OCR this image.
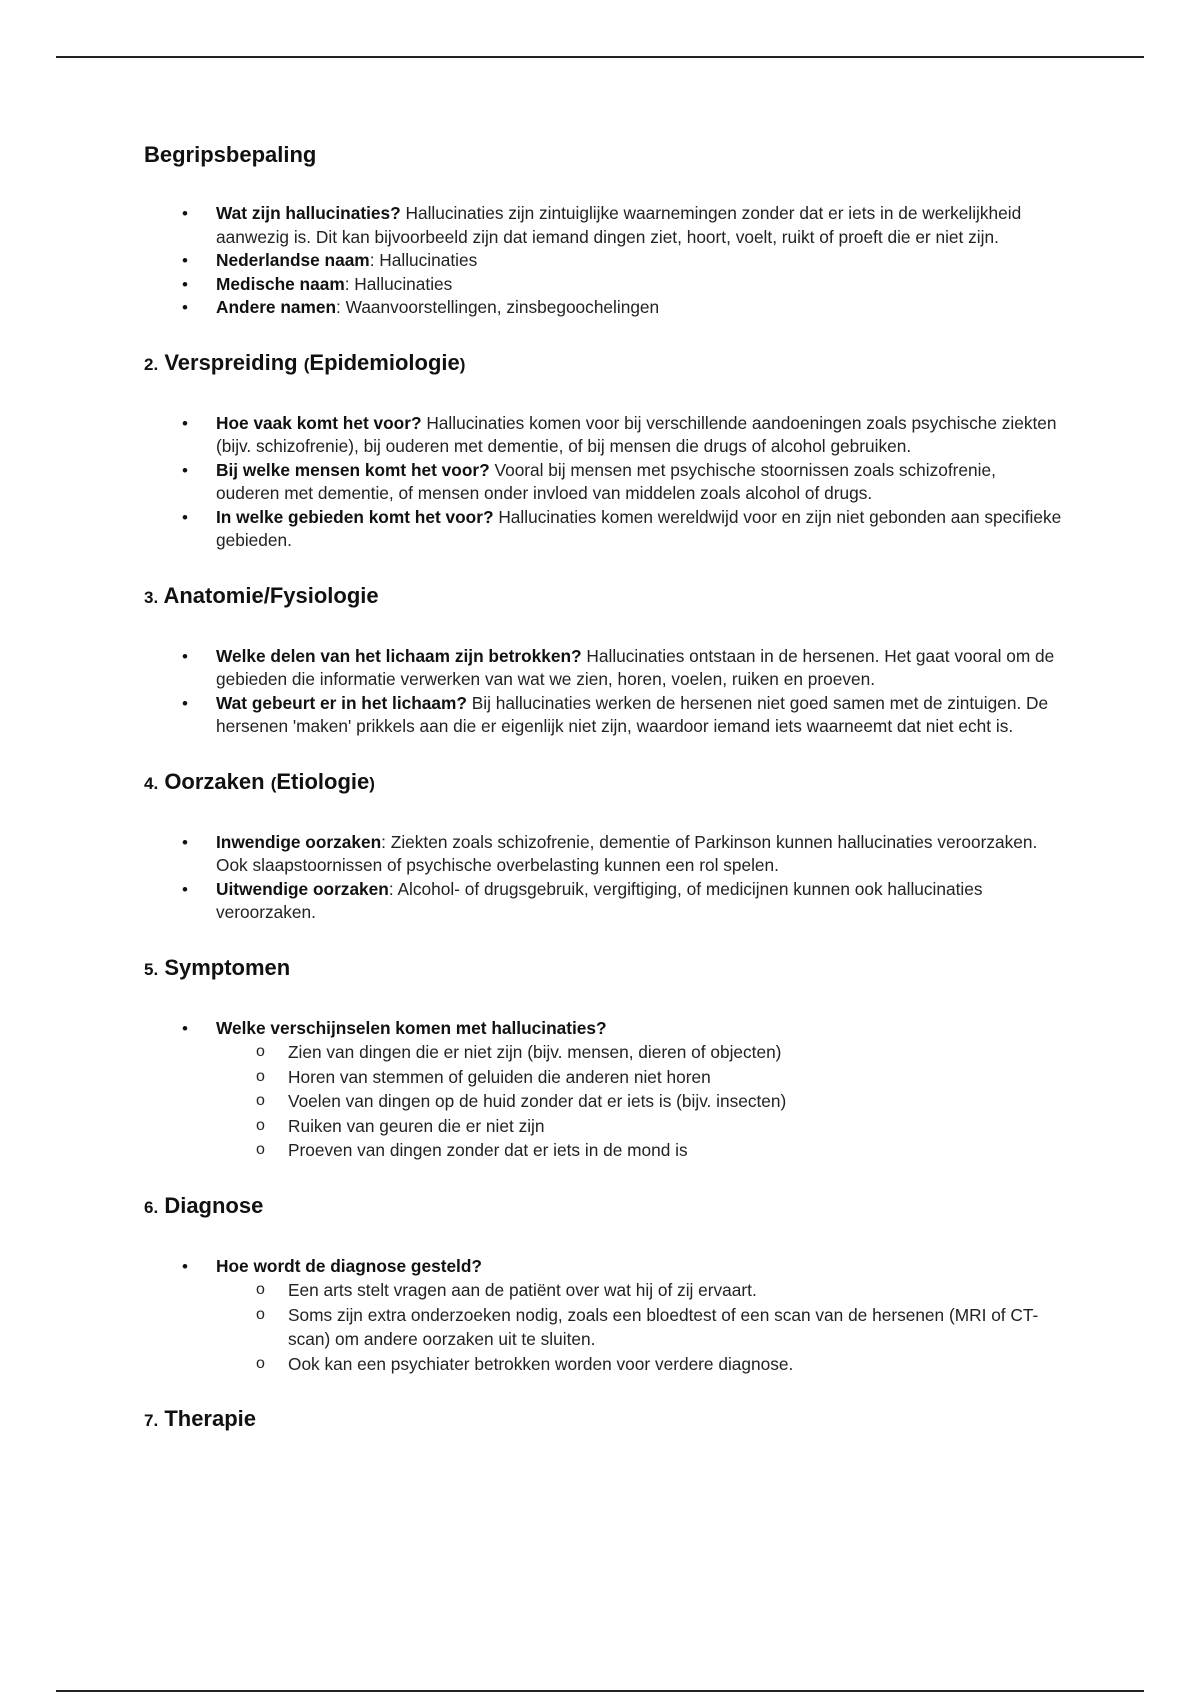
Begripsbepaling
• Wat zijn hallucinaties? Hallucinaties zijn zintuiglijke waarnemingen zonder dat er iets in de werkelijkheid aanwezig is. Dit kan bijvoorbeeld zijn dat iemand dingen ziet, hoort, voelt, ruikt of proeft die er niet zijn.
• Nederlandse naam: Hallucinaties
• Medische naam: Hallucinaties
• Andere namen: Waanvoorstellingen, zinsbegoochelingen
2. Verspreiding (Epidemiologie)
• Hoe vaak komt het voor? Hallucinaties komen voor bij verschillende aandoeningen zoals psychische ziekten (bijv. schizofrenie), bij ouderen met dementie, of bij mensen die drugs of alcohol gebruiken.
• Bij welke mensen komt het voor? Vooral bij mensen met psychische stoornissen zoals schizofrenie, ouderen met dementie, of mensen onder invloed van middelen zoals alcohol of drugs.
• In welke gebieden komt het voor? Hallucinaties komen wereldwijd voor en zijn niet gebonden aan specifieke gebieden.
3. Anatomie/Fysiologie
• Welke delen van het lichaam zijn betrokken? Hallucinaties ontstaan in de hersenen. Het gaat vooral om de gebieden die informatie verwerken van wat we zien, horen, voelen, ruiken en proeven.
• Wat gebeurt er in het lichaam? Bij hallucinaties werken de hersenen niet goed samen met de zintuigen. De hersenen 'maken' prikkels aan die er eigenlijk niet zijn, waardoor iemand iets waarneemt dat niet echt is.
4. Oorzaken (Etiologie)
• Inwendige oorzaken: Ziekten zoals schizofrenie, dementie of Parkinson kunnen hallucinaties veroorzaken. Ook slaapstoornissen of psychische overbelasting kunnen een rol spelen.
• Uitwendige oorzaken: Alcohol- of drugsgebruik, vergiftiging, of medicijnen kunnen ook hallucinaties veroorzaken.
5. Symptomen
• Welke verschijnselen komen met hallucinaties?
o Zien van dingen die er niet zijn (bijv. mensen, dieren of objecten)
o Horen van stemmen of geluiden die anderen niet horen
o Voelen van dingen op de huid zonder dat er iets is (bijv. insecten)
o Ruiken van geuren die er niet zijn
o Proeven van dingen zonder dat er iets in de mond is
6. Diagnose
• Hoe wordt de diagnose gesteld?
o Een arts stelt vragen aan de patiënt over wat hij of zij ervaart.
o Soms zijn extra onderzoeken nodig, zoals een bloedtest of een scan van de hersenen (MRI of CT-scan) om andere oorzaken uit te sluiten.
o Ook kan een psychiater betrokken worden voor verdere diagnose.
7. Therapie
